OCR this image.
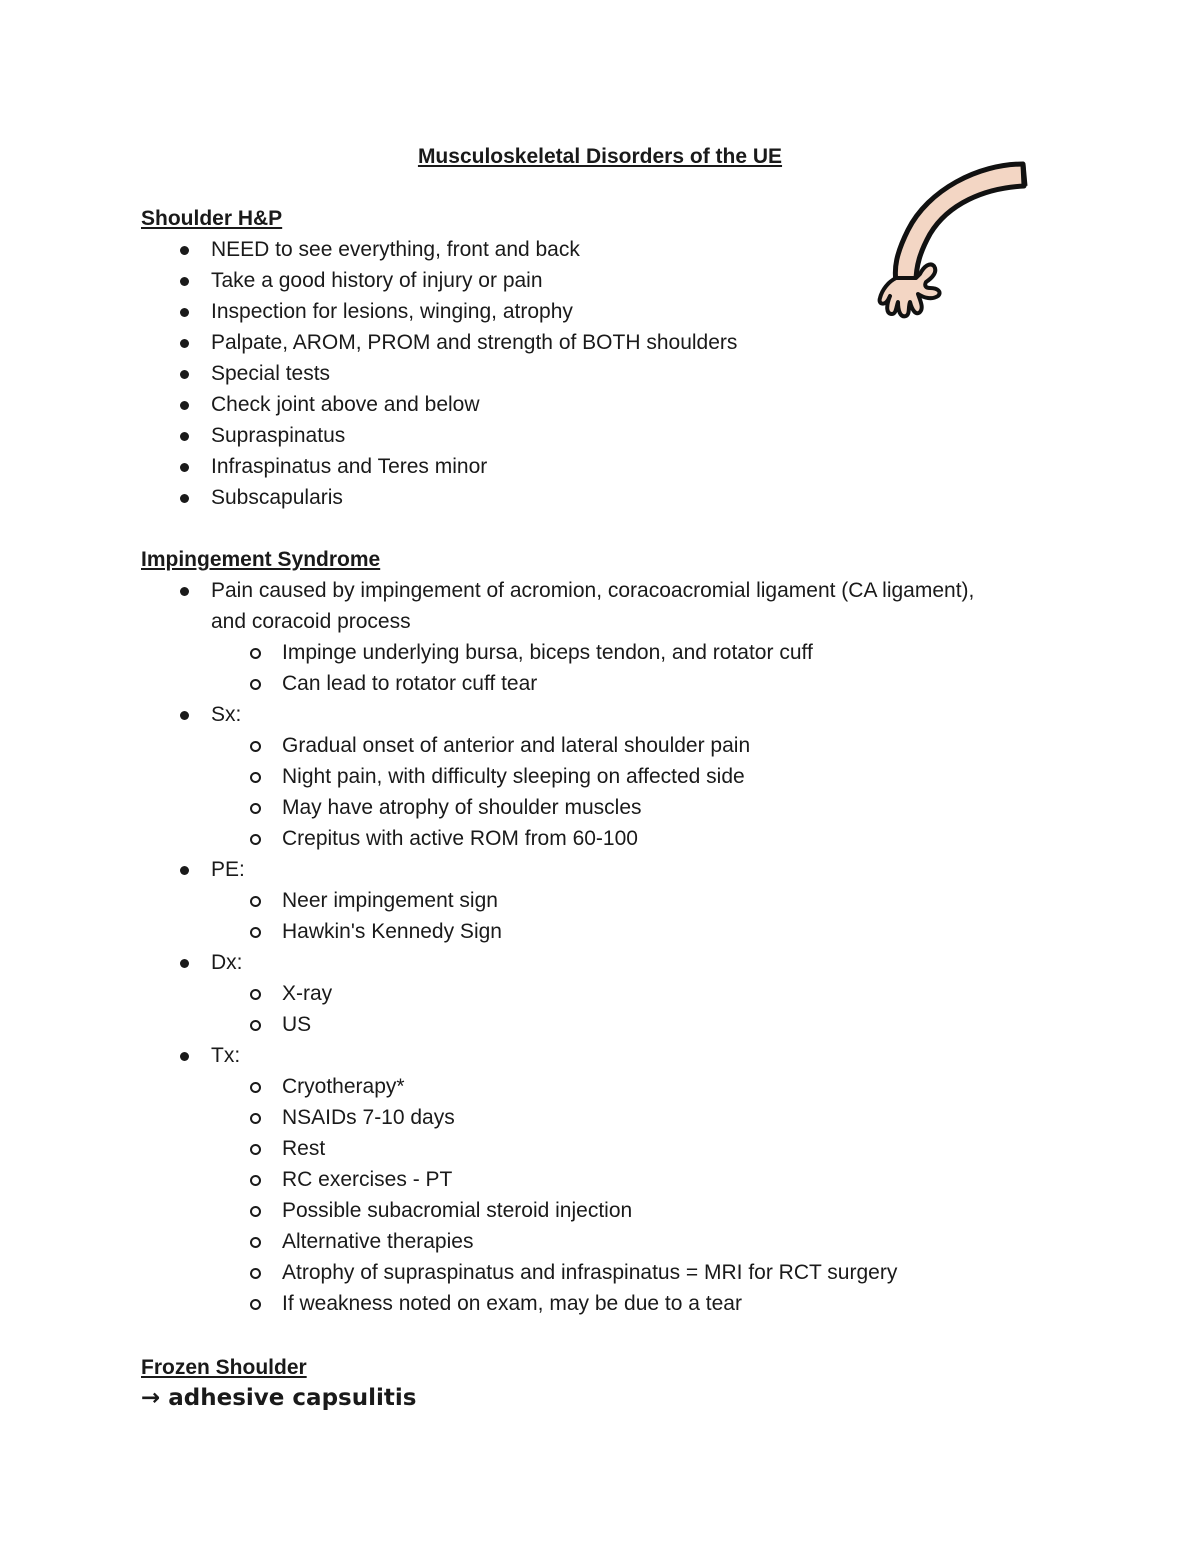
Musculoskeletal Disorders of the UE
Shoulder H&P
NEED to see everything, front and back
Take a good history of injury or pain
Inspection for lesions, winging, atrophy
Palpate, AROM, PROM and strength of BOTH shoulders
Special tests
Check joint above and below
Supraspinatus
Infraspinatus and Teres minor
Subscapularis
Impingement Syndrome
Pain caused by impingement of acromion, coracoacromial ligament (CA ligament), and coracoid process
Impinge underlying bursa, biceps tendon, and rotator cuff
Can lead to rotator cuff tear
Sx:
Gradual onset of anterior and lateral shoulder pain
Night pain, with difficulty sleeping on affected side
May have atrophy of shoulder muscles
Crepitus with active ROM from 60-100
PE:
Neer impingement sign
Hawkin's Kennedy Sign
Dx:
X-ray
US
Tx:
Cryotherapy*
NSAIDs 7-10 days
Rest
RC exercises - PT
Possible subacromial steroid injection
Alternative therapies
Atrophy of supraspinatus and infraspinatus = MRI for RCT surgery
If weakness noted on exam, may be due to a tear
Frozen Shoulder

→ adhesive capsulitis
